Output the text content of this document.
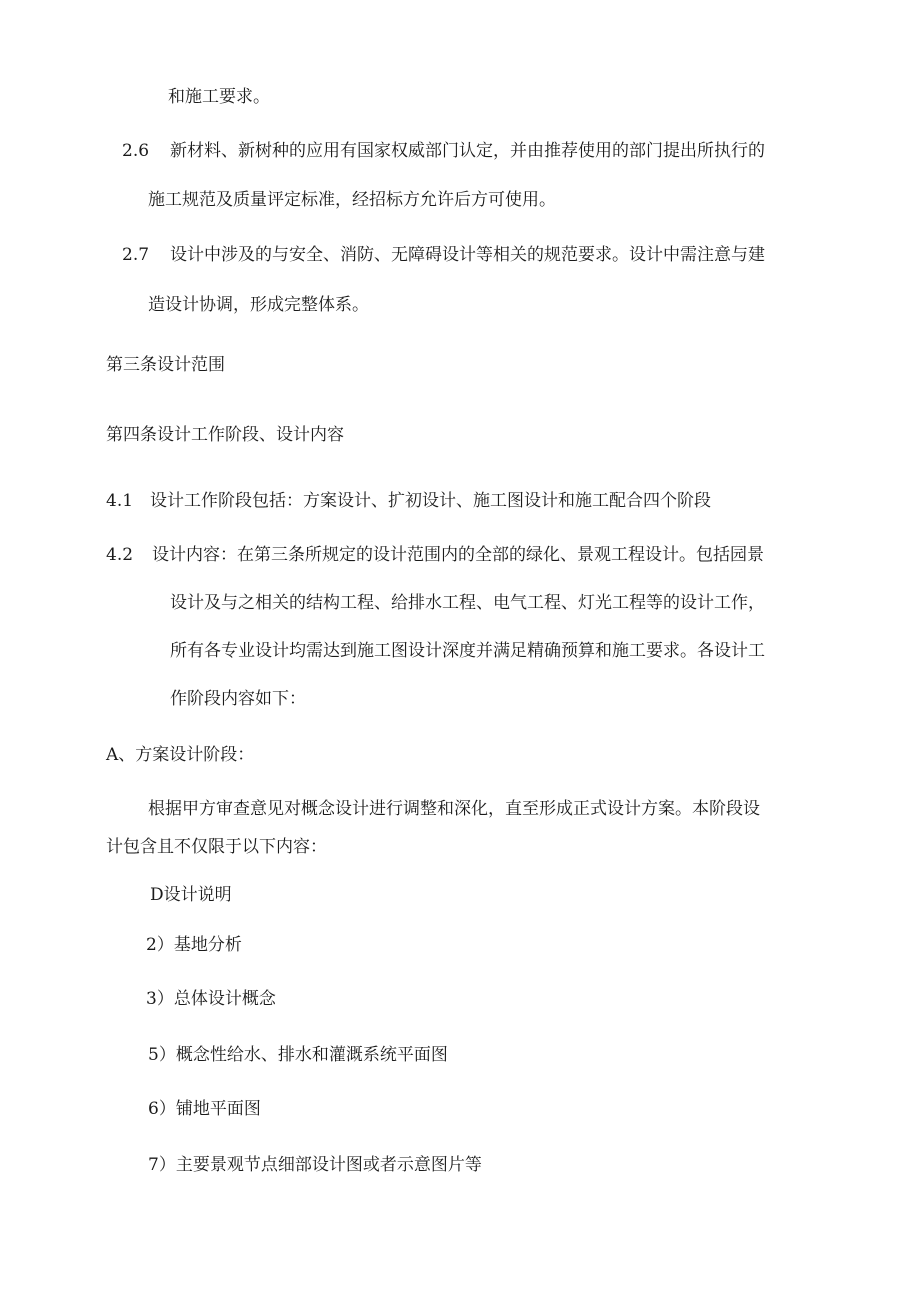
和施工要求。
2.6 新材料、新树种的应用有国家权威部门认定，并由推荐使用的部门提出所执行的
施工规范及质量评定标准，经招标方允许后方可使用。
2.7 设计中涉及的与安全、消防、无障碍设计等相关的规范要求。设计中需注意与建
造设计协调，形成完整体系。
第三条设计范围
第四条设计工作阶段、设计内容
4.1 设计工作阶段包括：方案设计、扩初设计、施工图设计和施工配合四个阶段
4.2 设计内容：在第三条所规定的设计范围内的全部的绿化、景观工程设计。包括园景
设计及与之相关的结构工程、给排水工程、电气工程、灯光工程等的设计工作，
所有各专业设计均需达到施工图设计深度并满足精确预算和施工要求。各设计工
作阶段内容如下：
A、方案设计阶段：
根据甲方审查意见对概念设计进行调整和深化，直至形成正式设计方案。本阶段设
计包含且不仅限于以下内容：
D设计说明
2）基地分析
3）总体设计概念
5）概念性给水、排水和灌溉系统平面图
6）铺地平面图
7）主要景观节点细部设计图或者示意图片等
